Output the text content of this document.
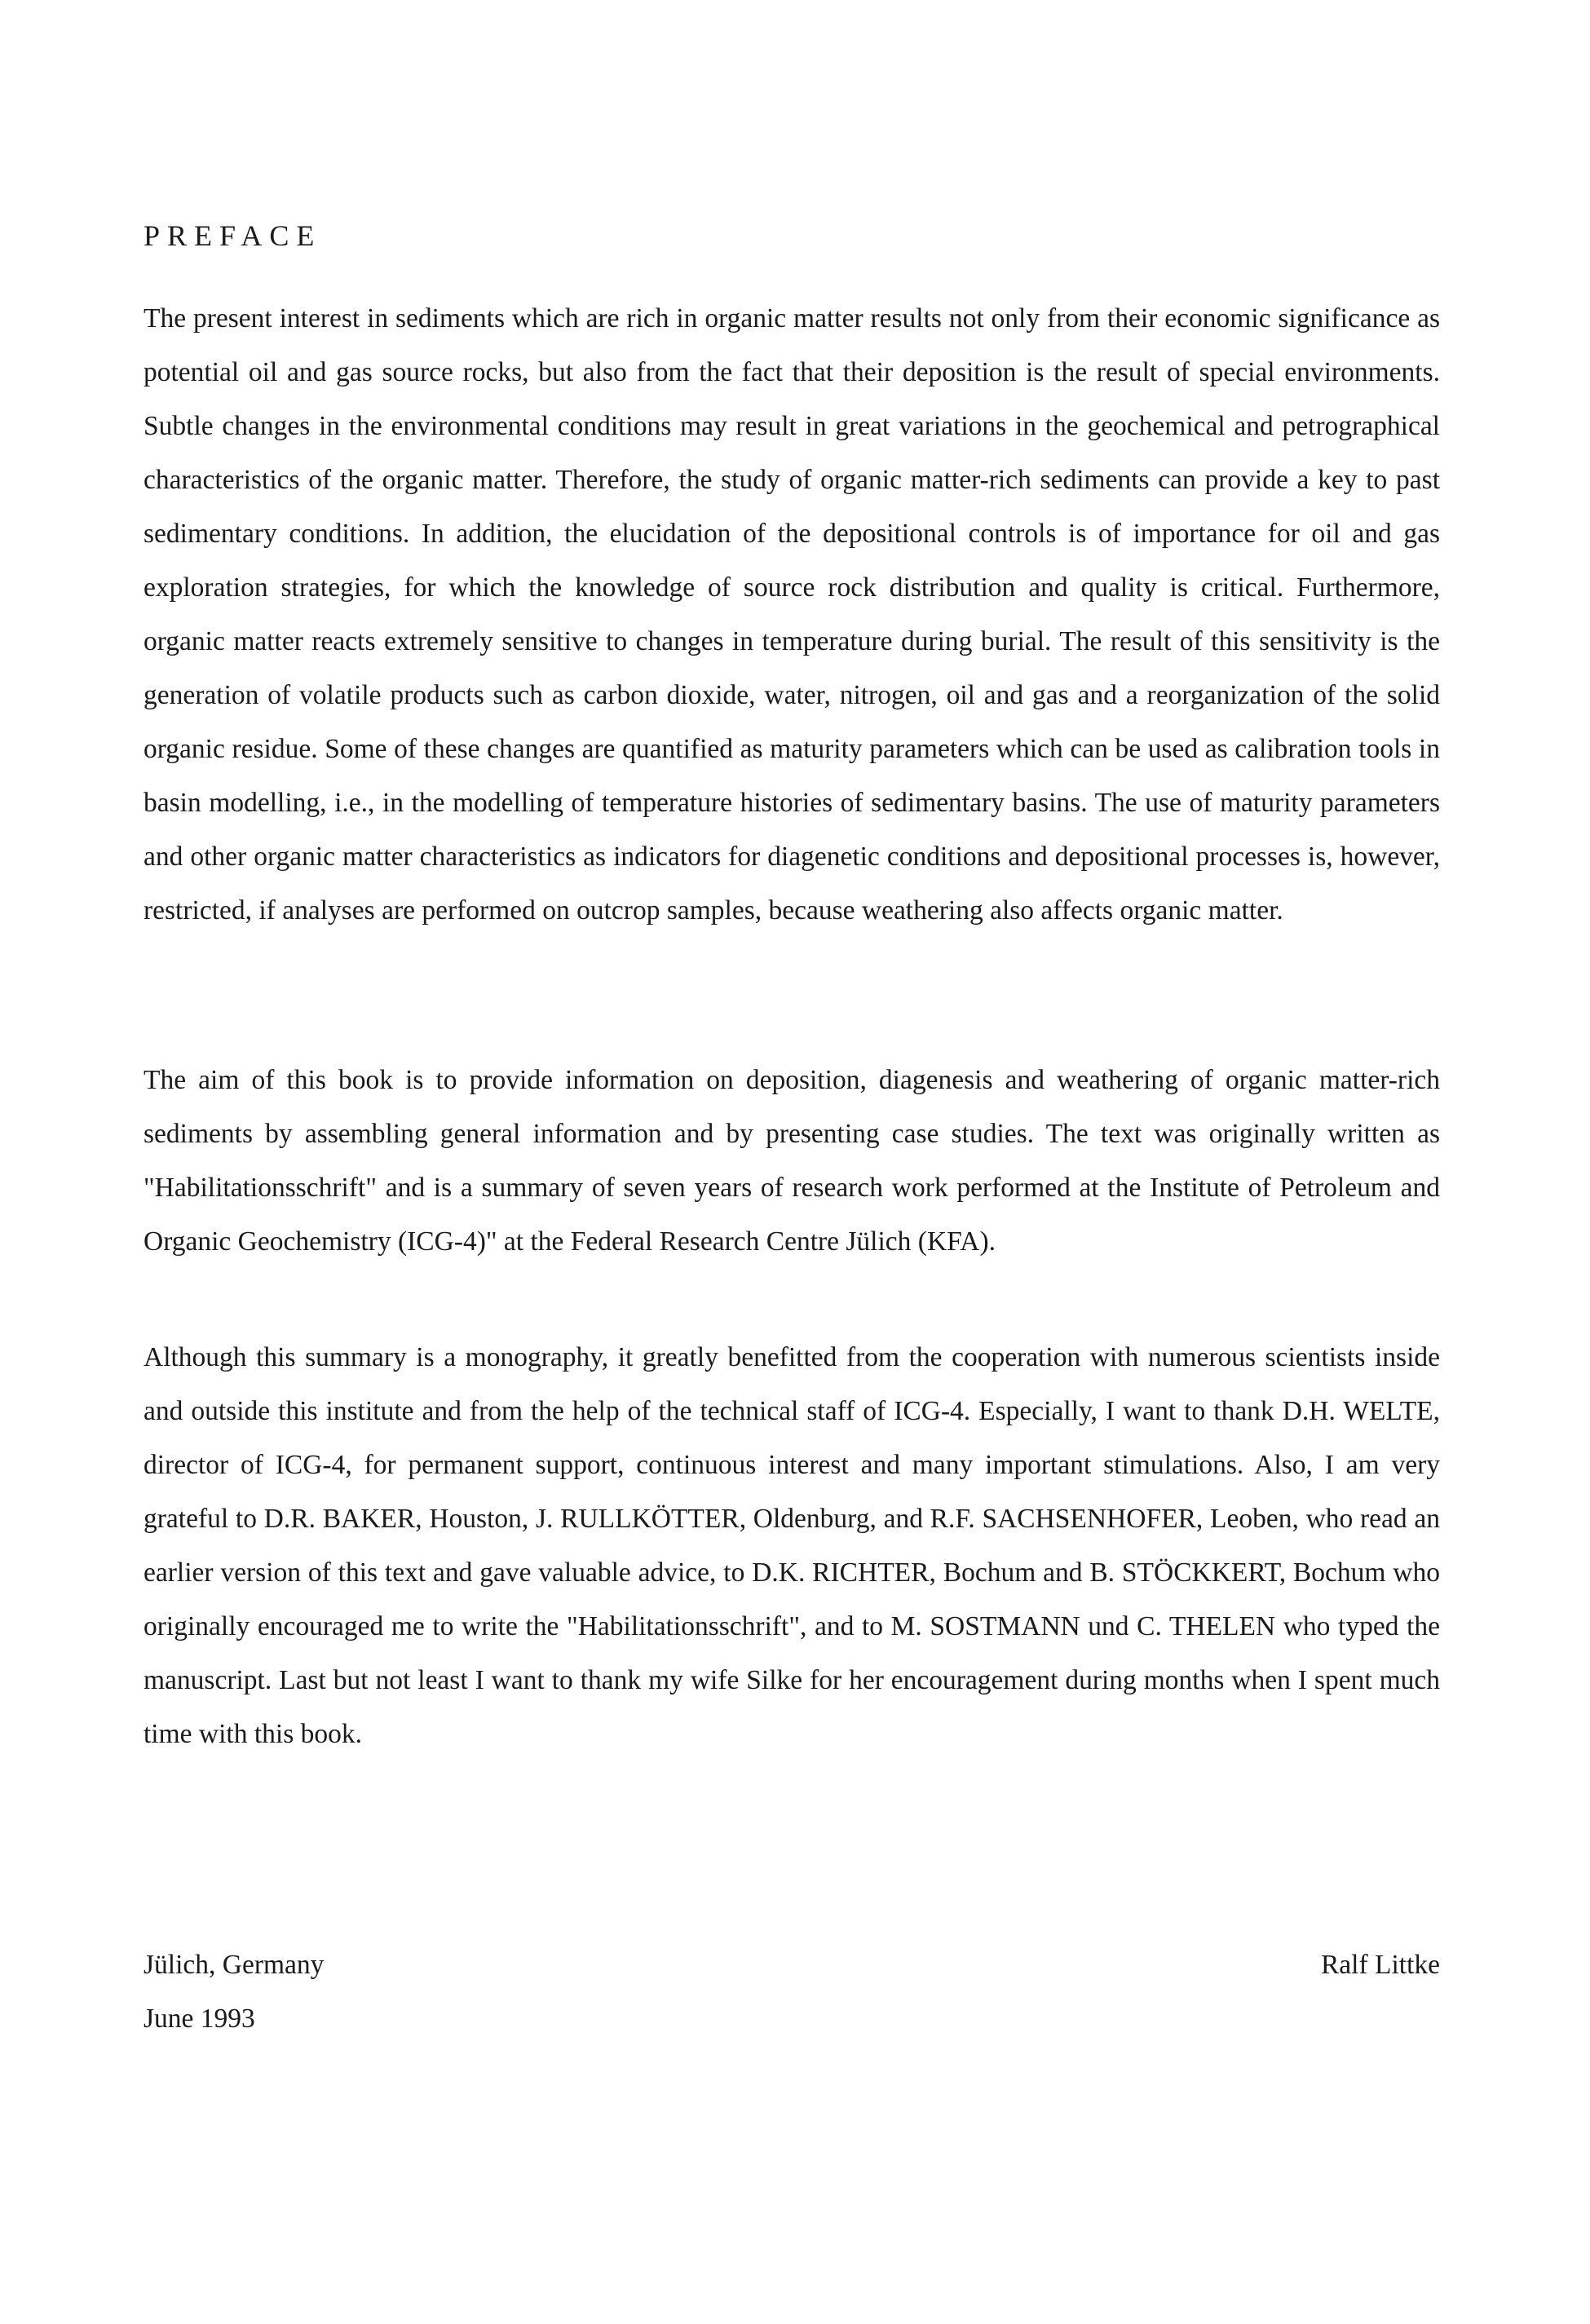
PREFACE

The present interest in sediments which are rich in organic matter results not only from their economic significance as potential oil and gas source rocks, but also from the fact that their deposition is the result of special environments. Subtle changes in the environmental conditions may result in great variations in the geochemical and petrographical characteristics of the organic matter. Therefore, the study of organic matter-rich sediments can provide a key to past sedimentary conditions. In addition, the elucidation of the depositional controls is of importance for oil and gas exploration strategies, for which the knowledge of source rock distribution and quality is critical. Furthermore, organic matter reacts extremely sensitive to changes in temperature during burial. The result of this sensitivity is the generation of volatile products such as carbon dioxide, water, nitrogen, oil and gas and a reorganization of the solid organic residue. Some of these changes are quantified as maturity parameters which can be used as calibration tools in basin modelling, i.e., in the modelling of temperature histories of sedimentary basins. The use of maturity parameters and other organic matter characteristics as indicators for diagenetic conditions and depositional processes is, however, restricted, if analyses are performed on outcrop samples, because weathering also affects organic matter.

The aim of this book is to provide information on deposition, diagenesis and weathering of organic matter-rich sediments by assembling general information and by presenting case studies. The text was originally written as "Habilitationsschrift" and is a summary of seven years of research work performed at the Institute of Petroleum and Organic Geochemistry (ICG-4)" at the Federal Research Centre Jülich (KFA).

Although this summary is a monography, it greatly benefitted from the cooperation with numerous scientists inside and outside this institute and from the help of the technical staff of ICG-4. Especially, I want to thank D.H. WELTE, director of ICG-4, for permanent support, continuous interest and many important stimulations. Also, I am very grateful to D.R. BAKER, Houston, J. RULLKÖTTER, Oldenburg, and R.F. SACHSENHOFER, Leoben, who read an earlier version of this text and gave valuable advice, to D.K. RICHTER, Bochum and B. STÖCKKERT, Bochum who originally encouraged me to write the "Habilitationsschrift", and to M. SOSTMANN und C. THELEN who typed the manuscript. Last but not least I want to thank my wife Silke for her encouragement during months when I spent much time with this book.

Jülich, Germany
June 1993
Ralf Littke
